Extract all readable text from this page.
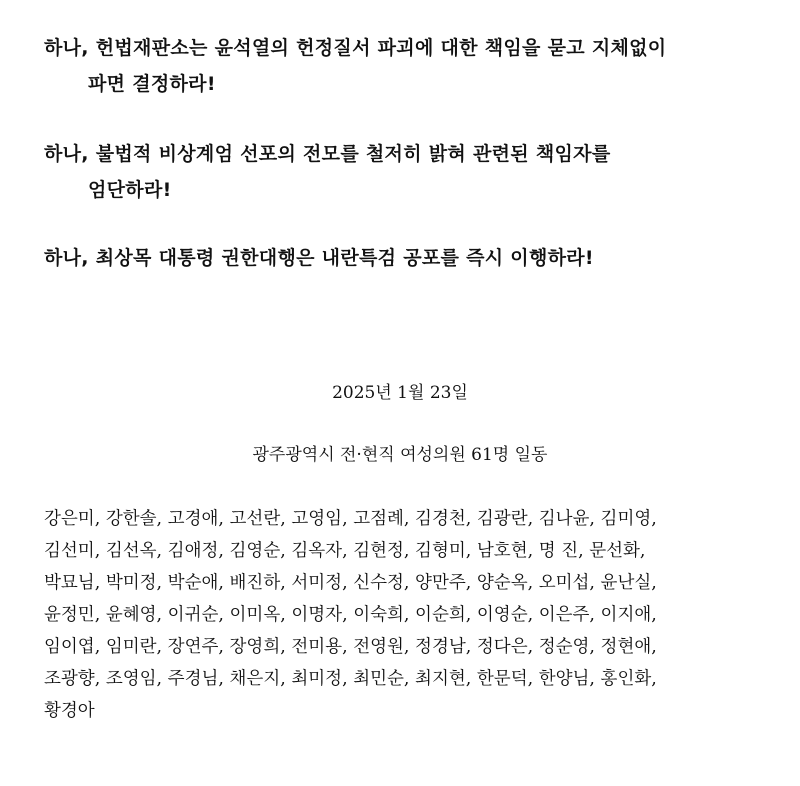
하나, 헌법재판소는 윤석열의 헌정질서 파괴에 대한 책임을 묻고 지체없이
파면 결정하라!
하나, 불법적 비상계엄 선포의 전모를 철저히 밝혀 관련된 책임자를
엄단하라!
하나, 최상목 대통령 권한대행은 내란특검 공포를 즉시 이행하라!
2025년 1월 23일
광주광역시 전·현직 여성의원 61명 일동
강은미, 강한솔, 고경애, 고선란, 고영임, 고점례, 김경천, 김광란, 김나윤, 김미영,
김선미, 김선옥, 김애정, 김영순, 김옥자, 김현정, 김형미, 남호현, 명 진, 문선화,
박묘님, 박미정, 박순애, 배진하, 서미정, 신수정, 양만주, 양순옥, 오미섭, 윤난실,
윤정민, 윤혜영, 이귀순, 이미옥, 이명자, 이숙희, 이순희, 이영순, 이은주, 이지애,
임이엽, 임미란, 장연주, 장영희, 전미용, 전영원, 정경남, 정다은, 정순영, 정현애,
조광향, 조영임, 주경님, 채은지, 최미정, 최민순, 최지현, 한문덕, 한양님, 홍인화,
황경아
